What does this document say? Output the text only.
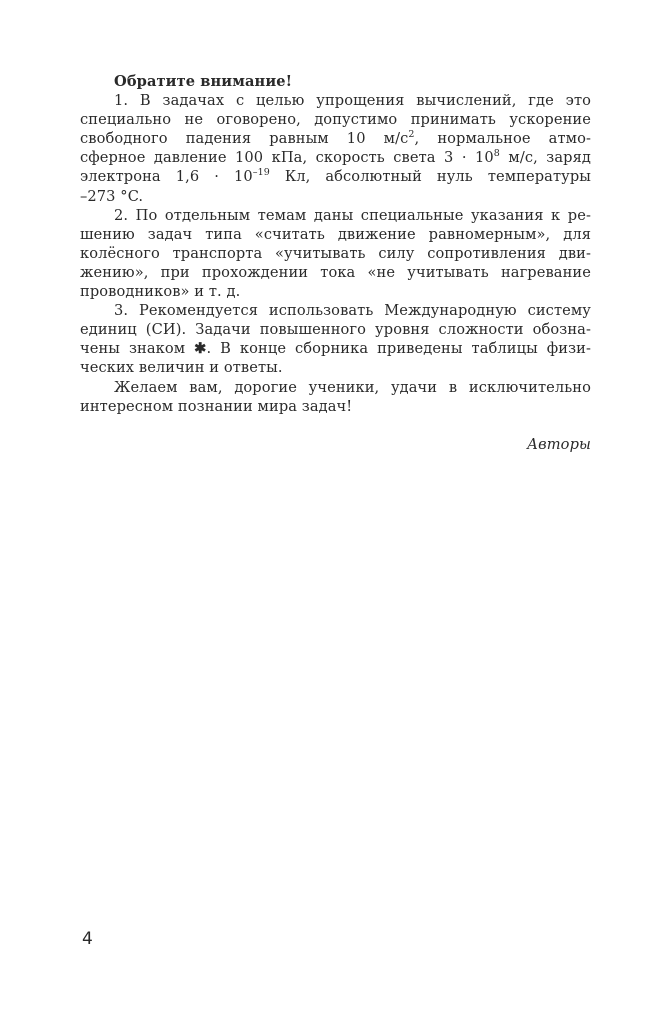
Обратите внимание!
1. В задачах с целью упрощения вычислений, где это
специально не оговорено, допустимо принимать ускорение
свободного падения равным 10 $м/с^2$, нормальное атмо-
сферное давление 100 кПа, скорость света $3 \cdot 10^8$ м/с, заряд
электрона $1,6 \cdot 10^{-19}$ Кл, абсолютный нуль температуры
–273 °C.
2. По отдельным темам даны специальные указания к ре-
шению задач типа «считать движение равномерным», для
колёсного транспорта «учитывать силу сопротивления дви-
жению», при прохождении тока «не учитывать нагревание
проводников» и т. д.
3. Рекомендуется использовать Международную систему
единиц (СИ). Задачи повышенного уровня сложности обозна-
чены знаком ✱. В конце сборника приведены таблицы физи-
ческих величин и ответы.
Желаем вам, дорогие ученики, удачи в исключительно
интересном познании мира задач!
Авторы
4
